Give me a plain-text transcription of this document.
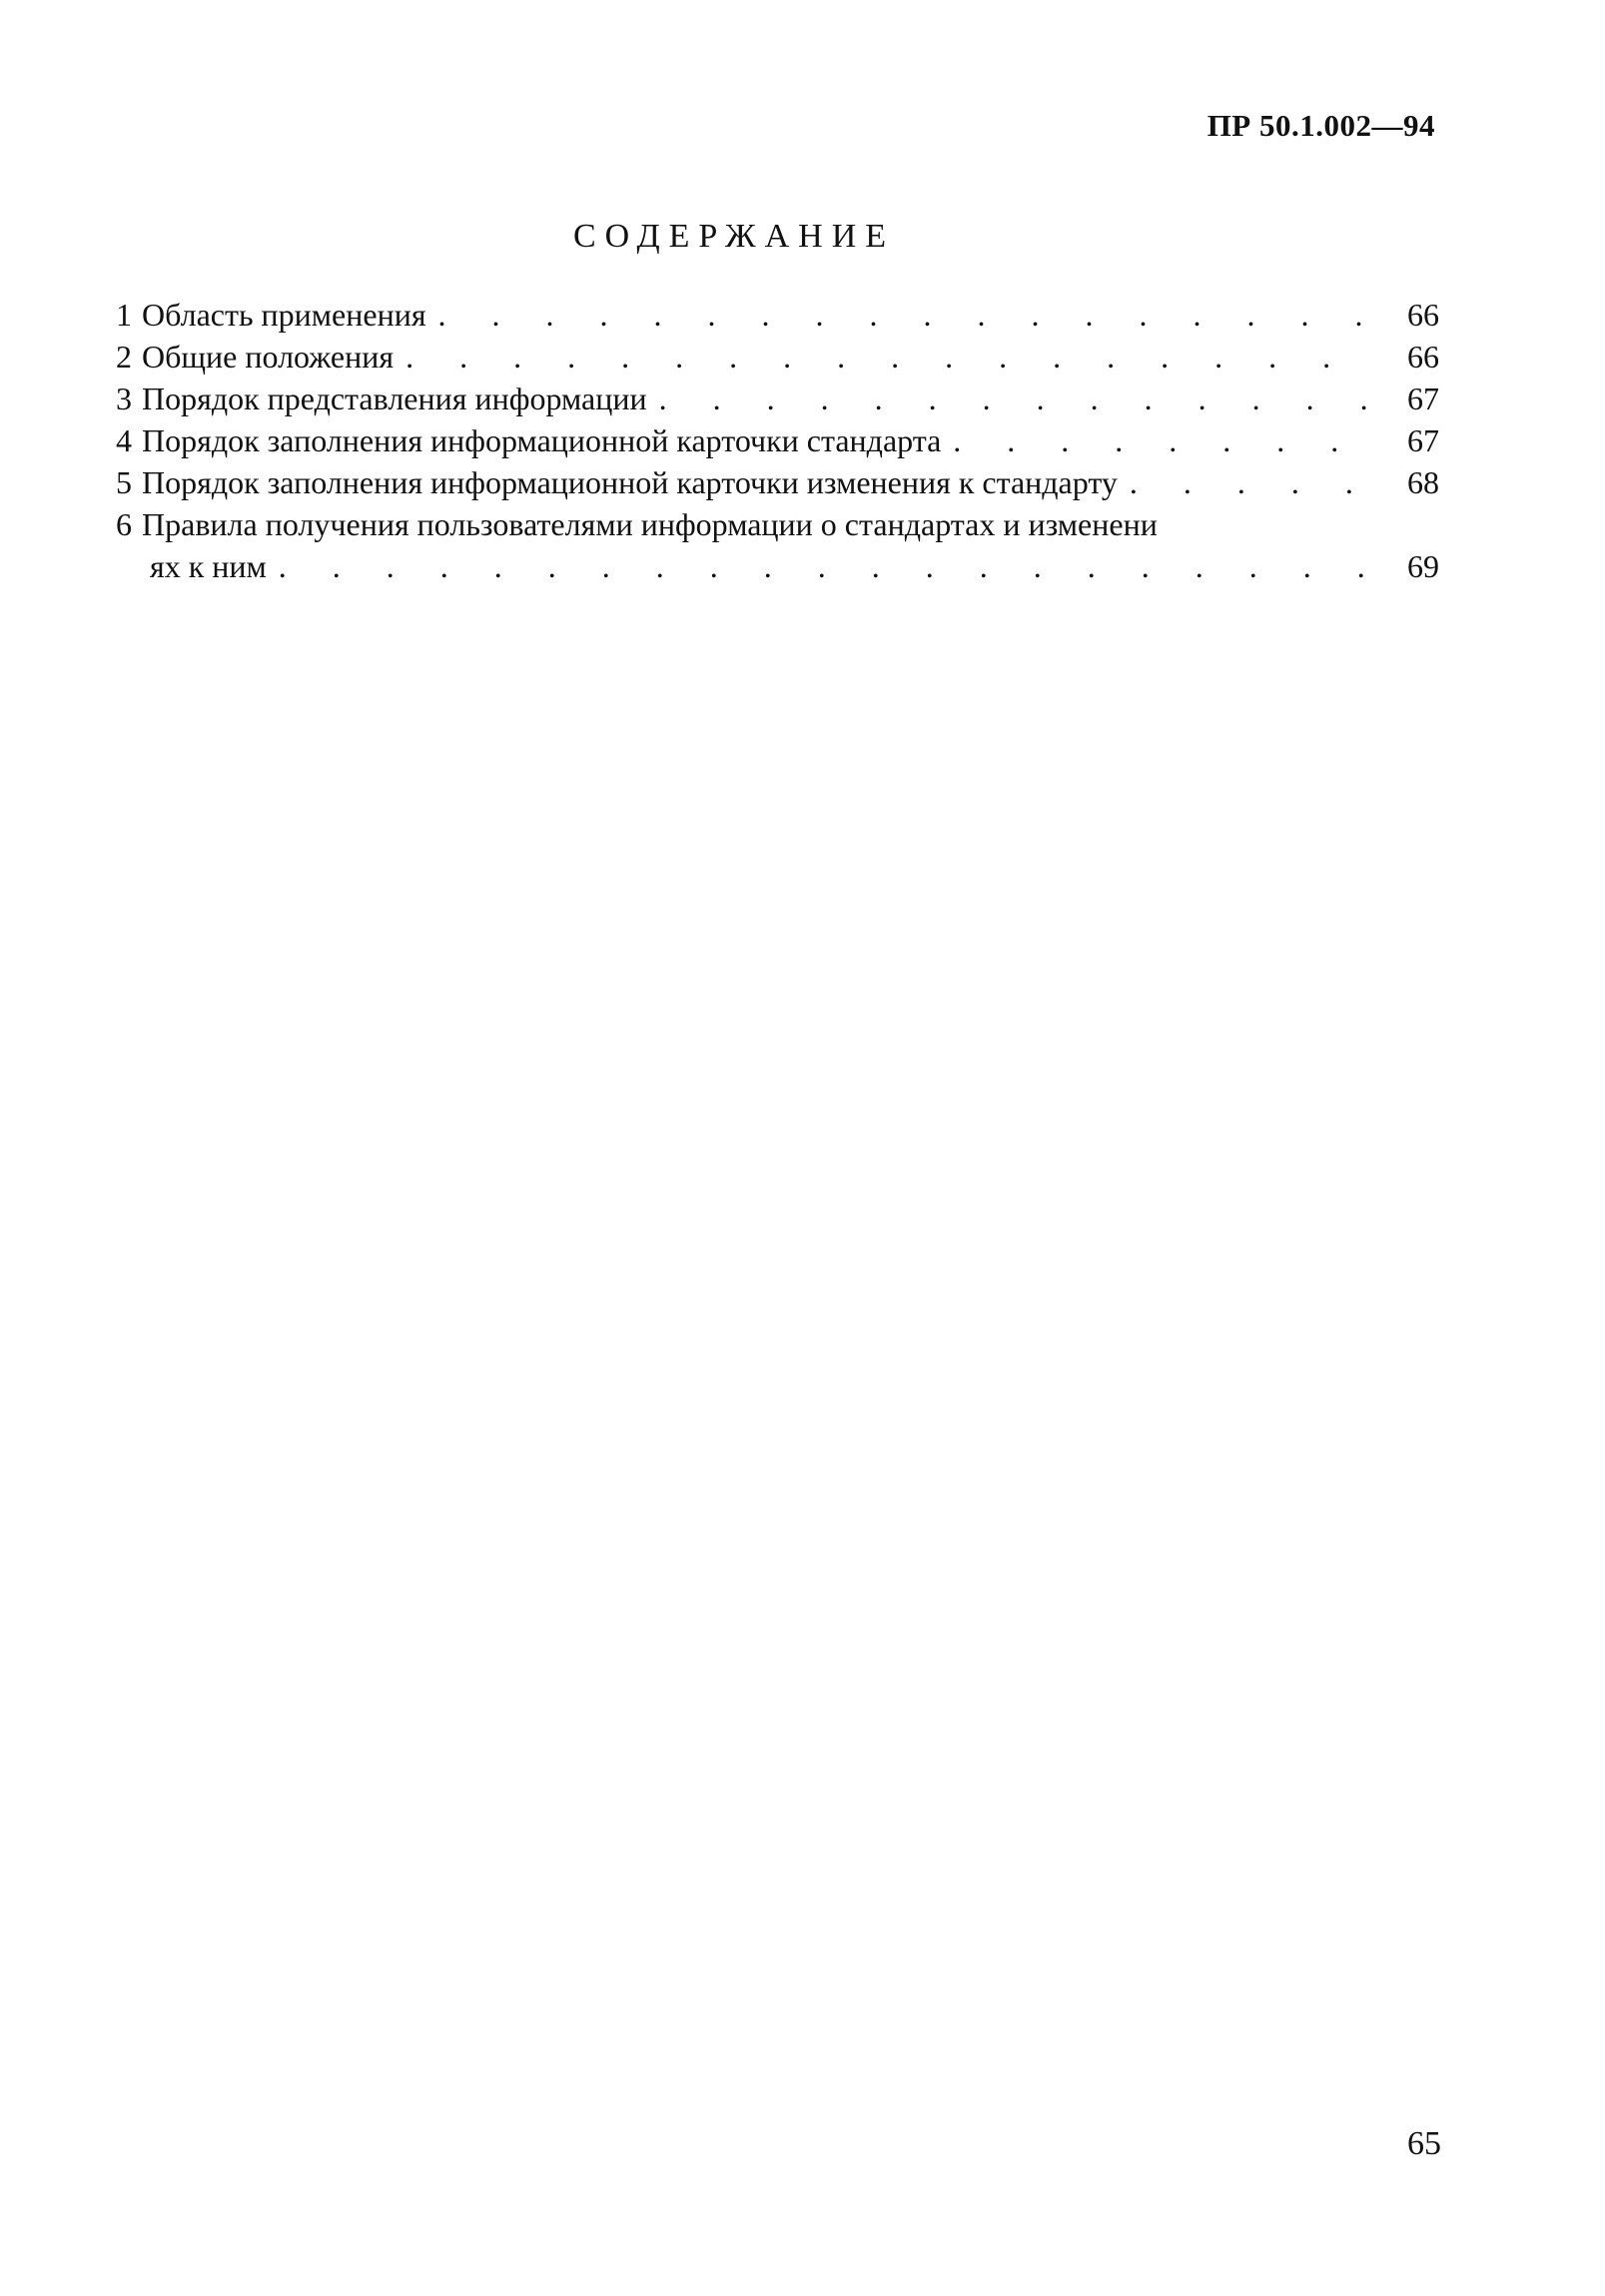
ПР 50.1.002—94
СОДЕРЖАНИЕ
1 Область применения . . .	66
2 Общие положения . . .	66
3 Порядок представления информации . . .	67
4 Порядок заполнения информационной карточки стандарта . . .	67
5 Порядок заполнения информационной карточки изменения к стандарту . . .	68
6 Правила получения пользователями информации о стандартах и изменени
ях к ним . . .	69
65
